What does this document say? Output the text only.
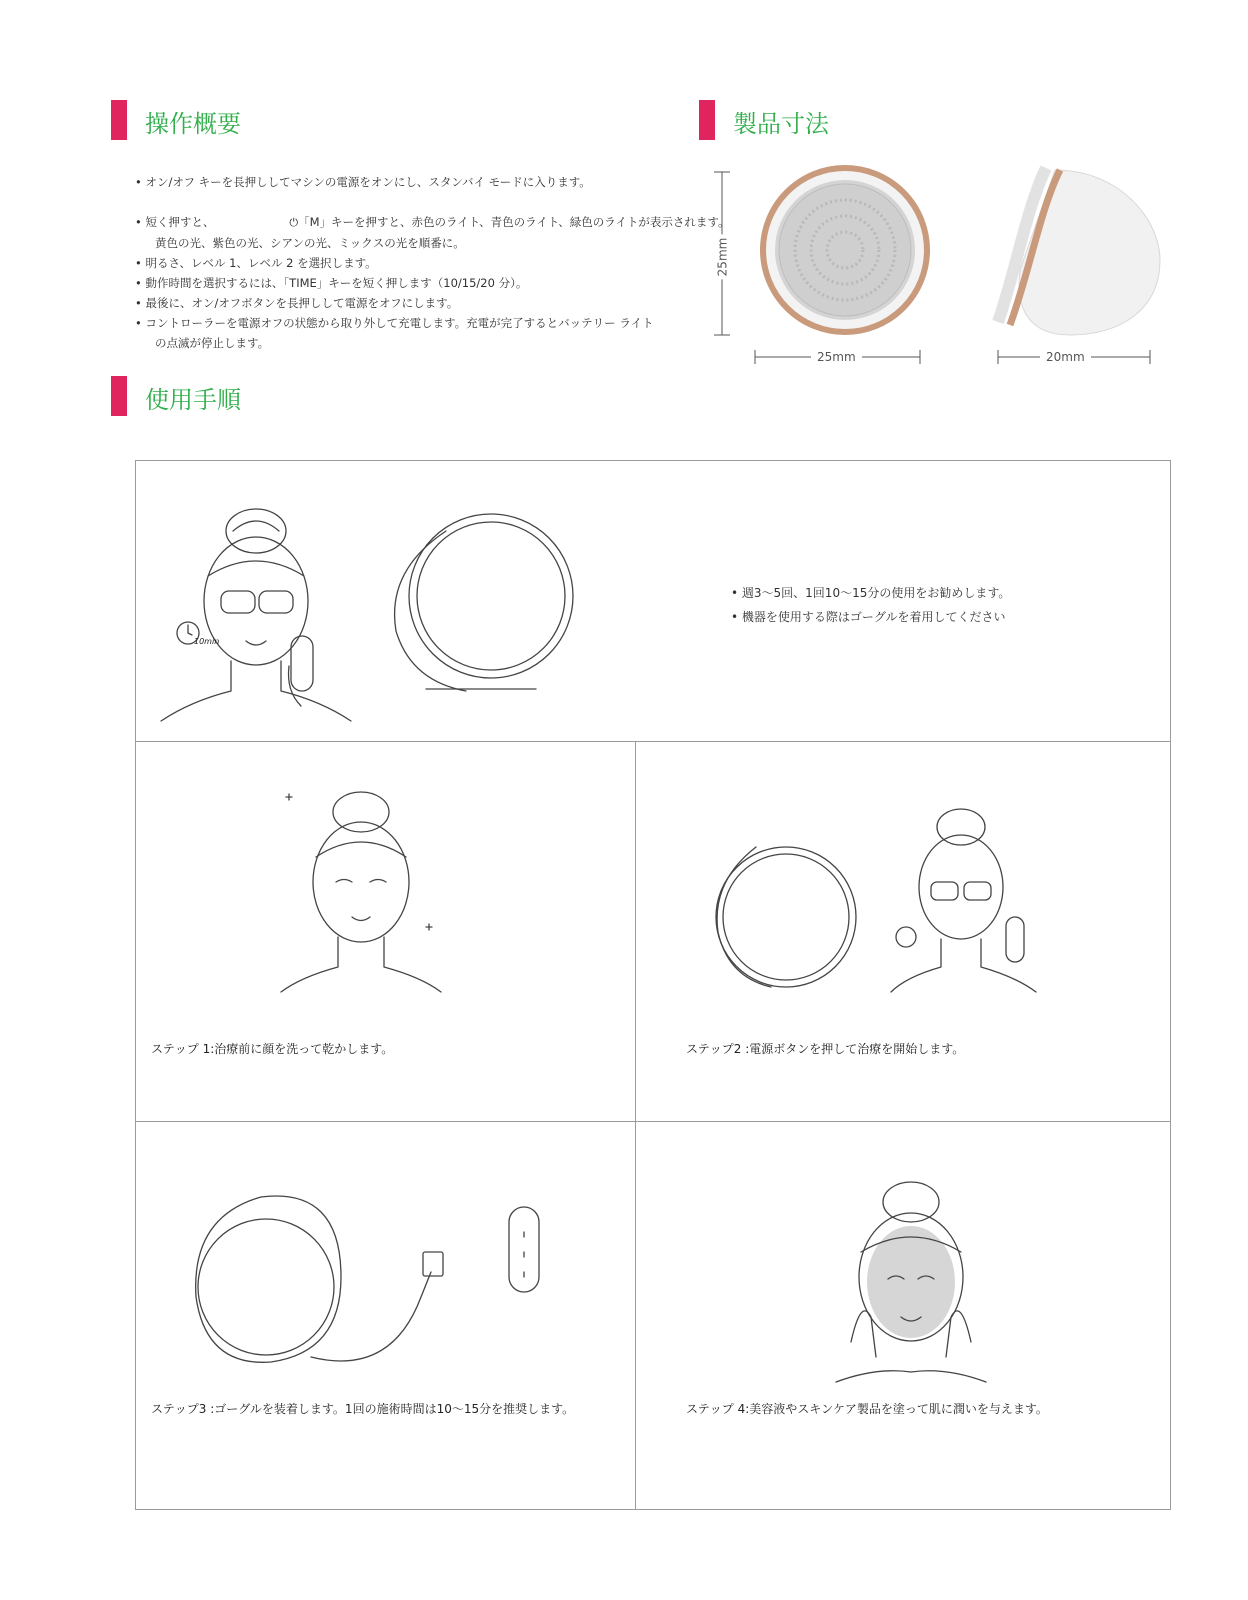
操作概要	製品寸法
• オン/オフ キーを長押ししてマシンの電源をオンにし、スタンバイ モードに入ります。
• 短く押すと、	⏻「M」キーを押すと、赤色のライト、青色のライト、緑色のライトが表示されます。
黄色の光、紫色の光、シアンの光、ミックスの光を順番に。
• 明るさ、レベル 1、レベル 2 を選択します。
• 動作時間を選択するには、「TIME」キーを短く押します（10/15/20 分）。
• 最後に、オン/オフボタンを長押しして電源をオフにします。
• コントローラーを電源オフの状態から取り外して充電します。充電が完了するとバッテリー ライト
の点滅が停止します。
25mm
25mm	20mm
使用手順
10min
• 週3〜5回、1回10〜15分の使用をお勧めします。
• 機器を使用する際はゴーグルを着用してください
ステップ 1:治療前に顔を洗って乾かします。	ステップ2 :電源ボタンを押して治療を開始します。
ステップ3 :ゴーグルを装着します。1回の施術時間は10〜15分を推奨します。	ステップ 4:美容液やスキンケア製品を塗って肌に潤いを与えます。
